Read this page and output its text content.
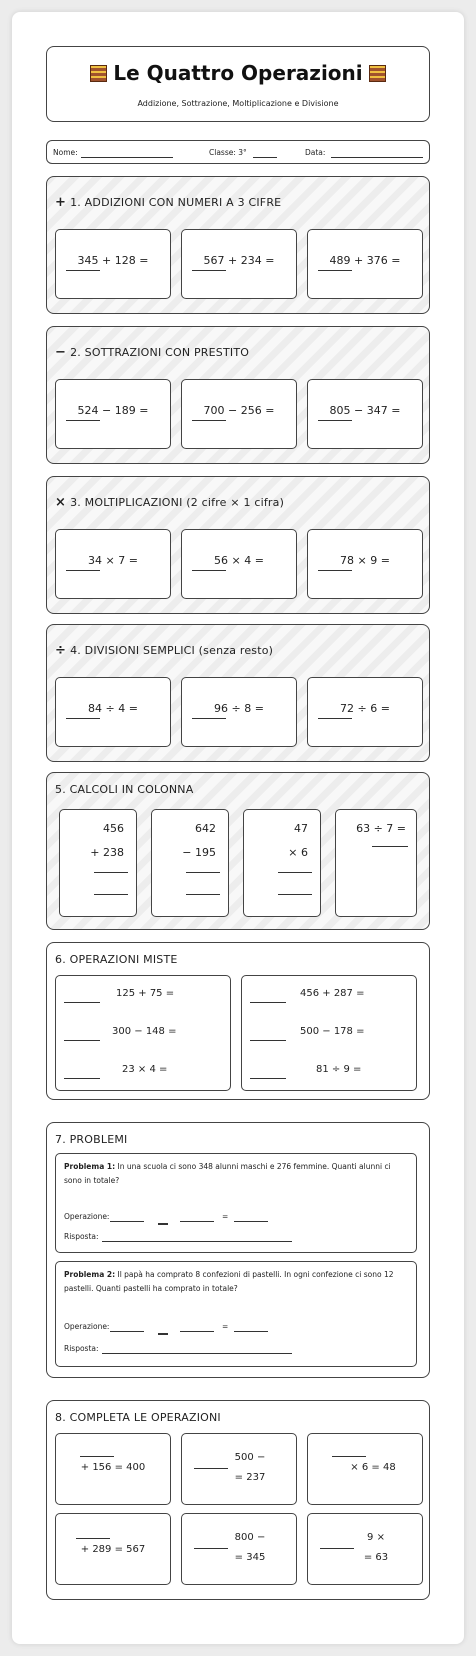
Le Quattro Operazioni
Addizione, Sottrazione, Moltiplicazione e Divisione
Nome:	Classe: 3°	Data:
+ 1. ADDIZIONI CON NUMERI A 3 CIFRE
345 + 128 =	567 + 234 =	489 + 376 =
− 2. SOTTRAZIONI CON PRESTITO
524 − 189 =	700 − 256 =	805 − 347 =
× 3. MOLTIPLICAZIONI (2 cifre × 1 cifra)
34 × 7 =	56 × 4 =	78 × 9 =
÷ 4. DIVISIONI SEMPLICI (senza resto)
84 ÷ 4 =	96 ÷ 8 =	72 ÷ 6 =
5. CALCOLI IN COLONNA
456
+ 238
642
− 195
47
× 6
63 ÷ 7 =
6. OPERAZIONI MISTE
125 + 75 =
300 − 148 =
23 × 4 =
456 + 287 =
500 − 178 =
81 ÷ 9 =
7. PROBLEMI
Problema 1: In una scuola ci sono 348 alunni maschi e 276 femmine. Quanti alunni ci sono in totale?
Operazione:	=
Risposta:
Problema 2: Il papà ha comprato 8 confezioni di pastelli. In ogni confezione ci sono 12 pastelli. Quanti pastelli ha comprato in totale?
Operazione:	=
Risposta:
8. COMPLETA LE OPERAZIONI
+ 156 = 400
500 −
= 237
× 6 = 48
+ 289 = 567
800 −
= 345
9 ×
= 63
